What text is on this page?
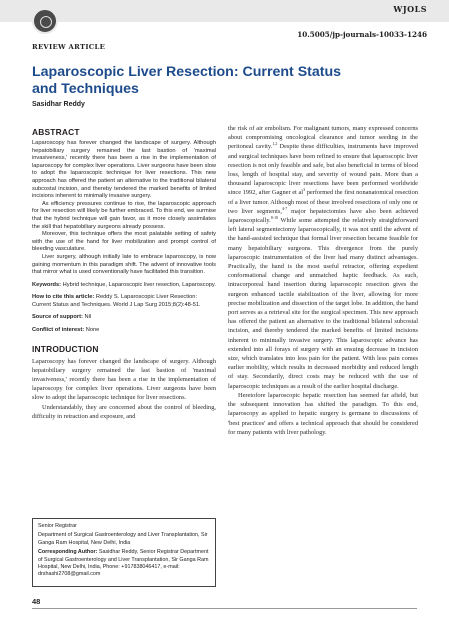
WJOLS
10.5005/jp-journals-10033-1246
REVIEW ARTICLE
Laparoscopic Liver Resection: Current Status and Techniques
Sasidhar Reddy
ABSTRACT

Laparoscopy has forever changed the landscape of surgery. Although hepatobiliary surgery remained the last bastion of 'maximal invasiveness,' recently there has been a rise in the implementation of laparoscopy for complex liver operations. Liver surgeons have been slow to adopt the laparoscopic technique for liver resections. This new approach has offered the patient an alternative to the traditional bilateral subcostal incision, and thereby tendered the marked benefits of limited incisions inherent to minimally invasive surgery.

As efficiency pressures continue to rise, the laparoscopic approach for liver resection will likely be further embraced. To this end, we surmise that the hybrid technique will gain favor, as it more closely assimilates the skill that hepatobiliary surgeons already possess.

Moreover, this technique offers the most palatable setting of safety with the use of the hand for liver mobilization and prompt control of bleeding vasculature.

Liver surgery, although initially late to embrace laparoscopy, is now gaining momentum in this paradigm shift. The advent of innovative tools that mirror what is used conventionally have facilitated this transition.

Keywords: Hybrid technique, Laparoscopic liver resection, Laparoscopy.

How to cite this article: Reddy S. Laparoscopic Liver Resection: Current Status and Techniques. World J Lap Surg 2015;8(2):48-51.

Source of support: Nil

Conflict of interest: None

INTRODUCTION

Laparoscopy has forever changed the landscape of surgery. Although hepatobiliary surgery remained the last bastion of 'maximal invasiveness,' recently there has been a rise in the implementation of laparoscopy for complex liver operations. Liver surgeons have been slow to adopt the laparoscopic technique for liver resections.

Understandably, they are concerned about the control of bleeding, difficulty in retraction and exposure, and

Senior Registrar

Department of Surgical Gastroenterology and Liver Transplantation, Sir Ganga Ram Hospital, New Delhi, India

Corresponding Author: Sasidhar Reddy, Senior Registrar Department of Surgical Gastroenterology and Liver Transplantation, Sir Ganga Ram Hospital, New Delhi, India, Phone: +917838046417, e-mail: drshashi2708@gmail.com

the risk of air embolism. For malignant tumors, many expressed concerns about compromising oncological clearance and tumor seeding in the peritoneal cavity.$^{1,2}$ Despite these difficulties, instruments have improved and surgical techniques have been refined to ensure that laparoscopic liver resection is not only feasible and safe, but also beneficial in terms of blood loss, length of hospital stay, and severity of wound pain. More than a thousand laparoscopic liver resections have been performed worldwide since 1992, after Gagner et $al^3$ performed the first nonanatomical resection of a liver tumor. Although most of these involved resections of only one or two liver segments,$^{4-7}$ major hepatectomies have also been achieved laparoscopically.$^{8-10}$ While some attempted the relatively straightforward left lateral segmentectomy laparoscopically, it was not until the advent of the hand-assisted technique that formal liver resection became feasible for many hepatobiliary surgeons. This divergence from the purely laparoscopic instrumentation of the liver had many distinct advantages. Practically, the hand is the most useful retractor, offering expedient conformational change and unmatched haptic feedback. As such, intracorporeal hand insertion during laparoscopic resection gives the surgeon enhanced tactile stabilization of the liver, allowing for more precise mobilization and dissection of the target lobe. In addition, the hand port serves as a retrieval site for the surgical specimen. This new approach has offered the patient an alternative to the traditional bilateral subcostal incision, and thereby tendered the marked benefits of limited incisions inherent to minimally invasive surgery. This laparoscopic advance has extended into all forays of surgery with an ensuing decrease in incision size, which translates into less pain for the patient. With less pain comes earlier mobility, which results in decreased morbidity and reduced length of stay. Secondarily, direct costs may be reduced with the use of laparoscopic techniques as a result of the earlier hospital discharge.

Heretofore laparoscopic hepatic resection has seemed far afield, but the subsequent innovation has shifted the paradigm. To this end, laparoscopy as applied to hepatic surgery is germane to discussions of 'best practices' and offers a technical approach that should be considered for many patients with liver pathology.

48
